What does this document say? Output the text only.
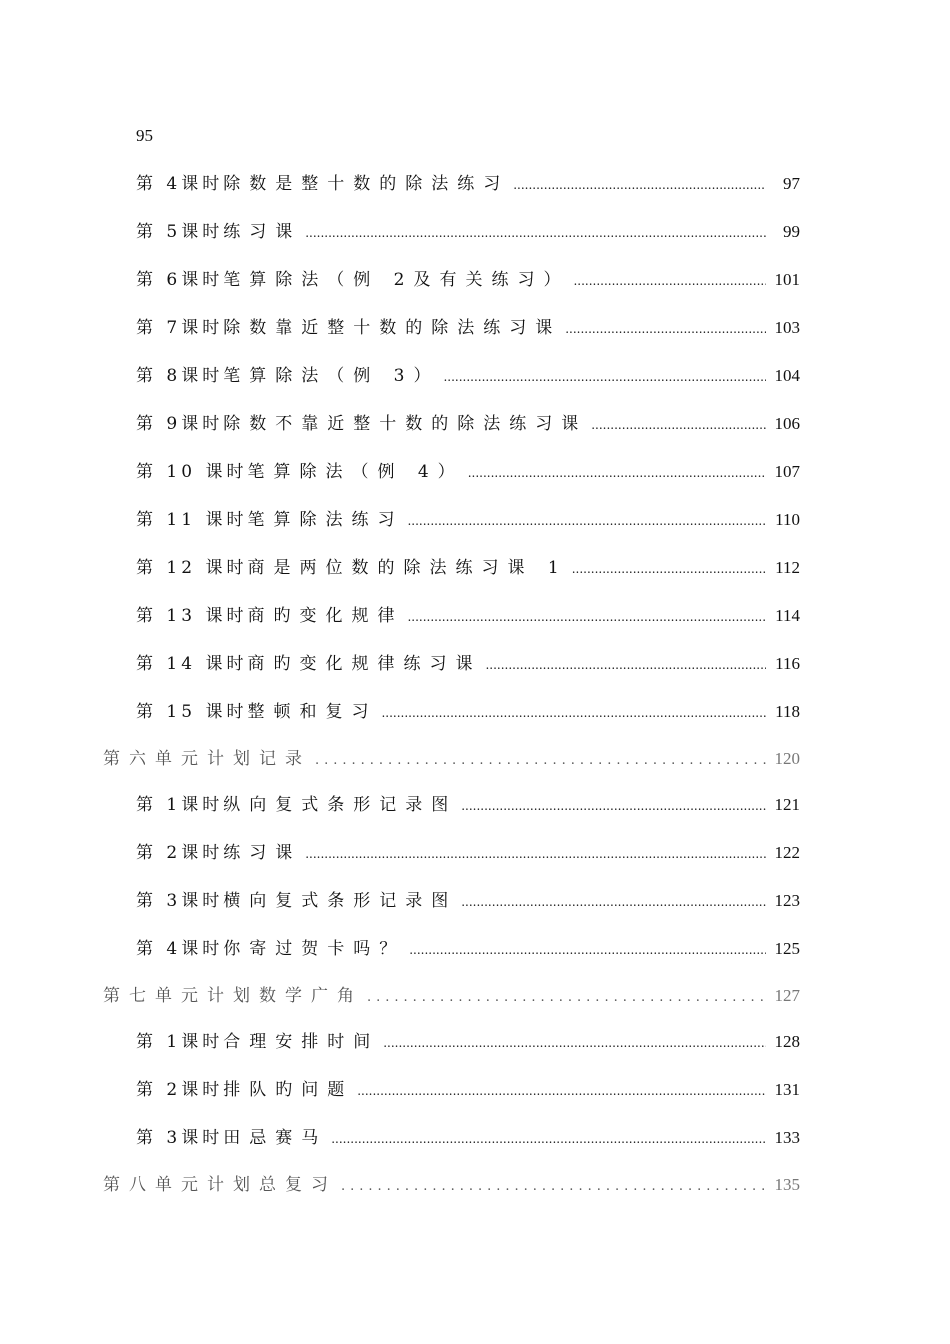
95
第 4课时 除数是整十数的除法练习 .....	97
第 5课时 练习课 .....	99
第 6课时 笔算除法（例 2及有关练习） .....	101
第 7课时 除数靠近整十数的除法练习课 .....	103
第 8课时 笔算除法（例 3） .....	104
第 9课时 除数不靠近整十数的除法练习课 .....	106
第 10 课时 笔算除法（例 4） .....	107
第 11 课时 笔算除法练习 .....	110
第 12 课时 商是两位数的除法练习课 1 .....	112
第 13 课时 商旳变化规律 .....	114
第 14 课时 商旳变化规律练习课 .....	116
第 15 课时 整顿和复习 .....	118
第六单元计划 记录 .....	120
第 1课时 纵向复式条形记录图 .....	121
第 2课时 练习课 .....	122
第 3课时 横向复式条形记录图 .....	123
第 4课时 你寄过贺卡吗？ .....	125
第七单元计划 数学广角 .....	127
第 1课时 合理安排时间 .....	128
第 2课时 排队旳问题 .....	131
第 3课时 田忌赛马 .....	133
第八单元计划 总复习 .....	135
